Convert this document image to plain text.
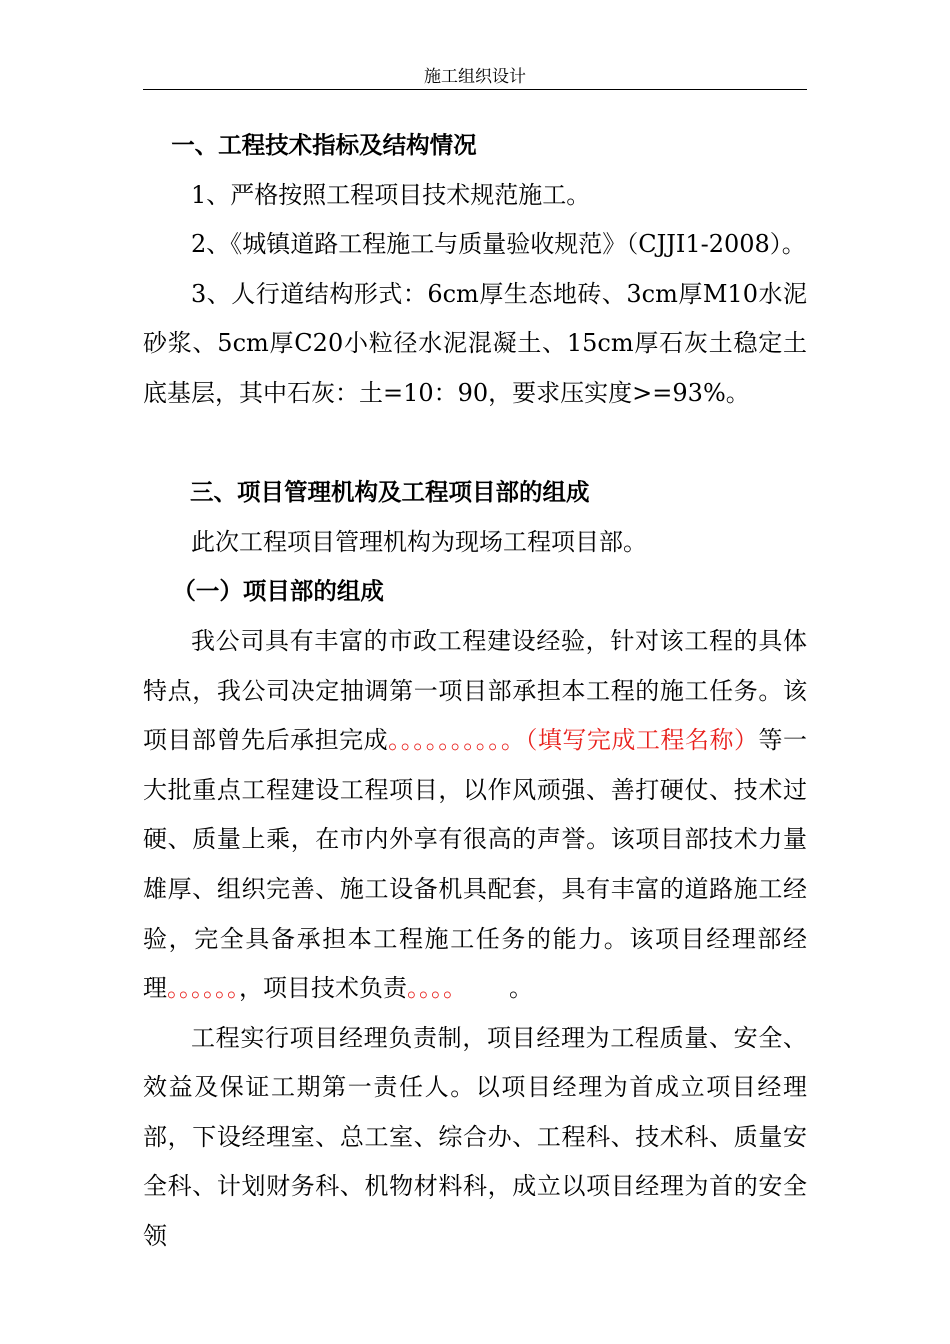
施工组织设计

一、工程技术指标及结构情况

1、严格按照工程项目技术规范施工。

2、《城镇道路工程施工与质量验收规范》（CJJI1-2008）。

3、人行道结构形式：6cm厚生态地砖、3cm厚M10水泥砂浆、5cm厚C20小粒径水泥混凝土、15cm厚石灰土稳定土底基层，其中石灰：土=10：90，要求压实度>=93%。

三、项目管理机构及工程项目部的组成

此次工程项目管理机构为现场工程项目部。

（一）项目部的组成

我公司具有丰富的市政工程建设经验，针对该工程的具体特点，我公司决定抽调第一项目部承担本工程的施工任务。该项目部曾先后承担完成。。。。。。。。。。（填写完成工程名称）等一大批重点工程建设工程项目，以作风顽强、善打硬仗、技术过硬、质量上乘，在市内外享有很高的声誉。该项目部技术力量雄厚、组织完善、施工设备机具配套，具有丰富的道路施工经验，完全具备承担本工程施工任务的能力。该项目经理部经理。。。。。。，项目技术负责。。。。 。

工程实行项目经理负责制，项目经理为工程质量、安全、效益及保证工期第一责任人。以项目经理为首成立项目经理部，下设经理室、总工室、综合办、工程科、技术科、质量安全科、计划财务科、机物材料科，成立以项目经理为首的安全领
